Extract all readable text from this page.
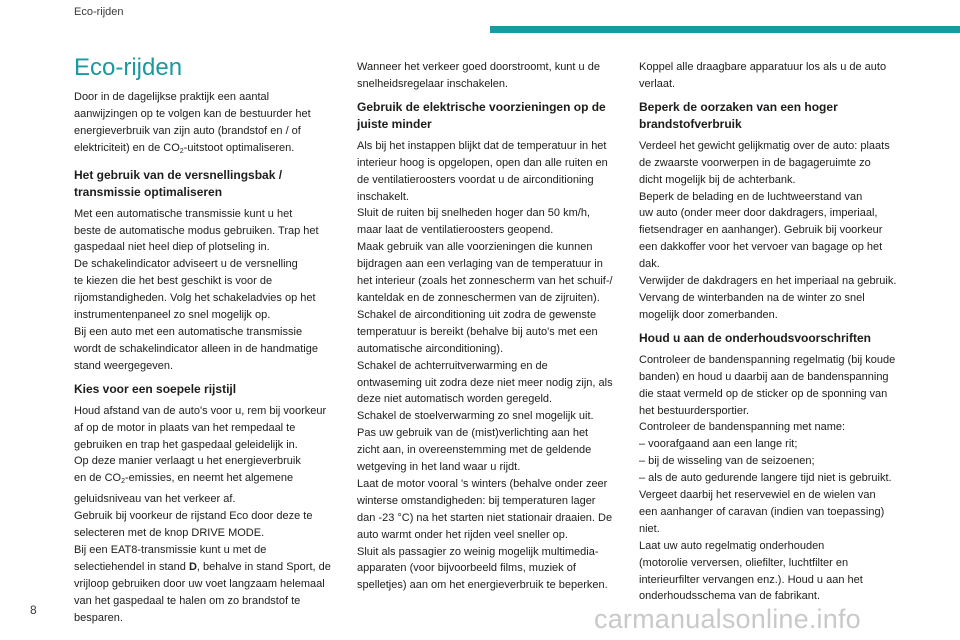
Eco-rijden
Eco-rijden

Door in de dagelijkse praktijk een aantal
aanwijzingen op te volgen kan de bestuurder het
energieverbruik van zijn auto (brandstof en / of
elektriciteit) en de $CO_2$-uitstoot optimaliseren.

Het gebruik van de versnellingsbak /
transmissie optimaliseren

Met een automatische transmissie kunt u het
beste de automatische modus gebruiken. Trap het
gaspedaal niet heel diep of plotseling in.
De schakelindicator adviseert u de versnelling
te kiezen die het best geschikt is voor de
rijomstandigheden. Volg het schakeladvies op het
instrumentenpaneel zo snel mogelijk op.
Bij een auto met een automatische transmissie
wordt de schakelindicator alleen in de handmatige
stand weergegeven.

Kies voor een soepele rijstijl

Houd afstand van de auto's voor u, rem bij voorkeur
af op de motor in plaats van het rempedaal te
gebruiken en trap het gaspedaal geleidelijk in.
Op deze manier verlaagt u het energieverbruik
en de $CO_2$-emissies, en neemt het algemene
geluidsniveau van het verkeer af.
Gebruik bij voorkeur de rijstand Eco door deze te
selecteren met de knop DRIVE MODE.
Bij een EAT8-transmissie kunt u met de
selectiehendel in stand D, behalve in stand Sport, de
vrijloop gebruiken door uw voet langzaam helemaal
van het gaspedaal te halen om zo brandstof te
besparen.

Wanneer het verkeer goed doorstroomt, kunt u de
snelheidsregelaar inschakelen.

Gebruik de elektrische voorzieningen op de
juiste minder

Als bij het instappen blijkt dat de temperatuur in het
interieur hoog is opgelopen, open dan alle ruiten en
de ventilatieroosters voordat u de airconditioning
inschakelt.
Sluit de ruiten bij snelheden hoger dan 50 km/h,
maar laat de ventilatieroosters geopend.
Maak gebruik van alle voorzieningen die kunnen
bijdragen aan een verlaging van de temperatuur in
het interieur (zoals het zonnescherm van het schuif-/
kanteldak en de zonneschermen van de zijruiten).
Schakel de airconditioning uit zodra de gewenste
temperatuur is bereikt (behalve bij auto's met een
automatische airconditioning).
Schakel de achterruitverwarming en de
ontwaseming uit zodra deze niet meer nodig zijn, als
deze niet automatisch worden geregeld.
Schakel de stoelverwarming zo snel mogelijk uit.
Pas uw gebruik van de (mist)verlichting aan het
zicht aan, in overeenstemming met de geldende
wetgeving in het land waar u rijdt.
Laat de motor vooral 's winters (behalve onder zeer
winterse omstandigheden: bij temperaturen lager
dan -23 °C) na het starten niet stationair draaien. De
auto warmt onder het rijden veel sneller op.
Sluit als passagier zo weinig mogelijk multimedia-
apparaten (voor bijvoorbeeld films, muziek of
spelletjes) aan om het energieverbruik te beperken.

Koppel alle draagbare apparatuur los als u de auto
verlaat.

Beperk de oorzaken van een hoger
brandstofverbruik

Verdeel het gewicht gelijkmatig over de auto: plaats
de zwaarste voorwerpen in de bagageruimte zo
dicht mogelijk bij de achterbank.
Beperk de belading en de luchtweerstand van
uw auto (onder meer door dakdragers, imperiaal,
fietsendrager en aanhanger). Gebruik bij voorkeur
een dakkoffer voor het vervoer van bagage op het
dak.
Verwijder de dakdragers en het imperiaal na gebruik.
Vervang de winterbanden na de winter zo snel
mogelijk door zomerbanden.

Houd u aan de onderhoudsvoorschriften

Controleer de bandenspanning regelmatig (bij koude
banden) en houd u daarbij aan de bandenspanning
die staat vermeld op de sticker op de sponning van
het bestuurdersportier.
Controleer de bandenspanning met name:
– voorafgaand aan een lange rit;
– bij de wisseling van de seizoenen;
– als de auto gedurende langere tijd niet is gebruikt.
Vergeet daarbij het reservewiel en de wielen van
een aanhanger of caravan (indien van toepassing)
niet.
Laat uw auto regelmatig onderhouden
(motorolie verversen, oliefilter, luchtfilter en
interieurfilter vervangen enz.). Houd u aan het
onderhoudsschema van de fabrikant.

8	carmanualsonline.info
